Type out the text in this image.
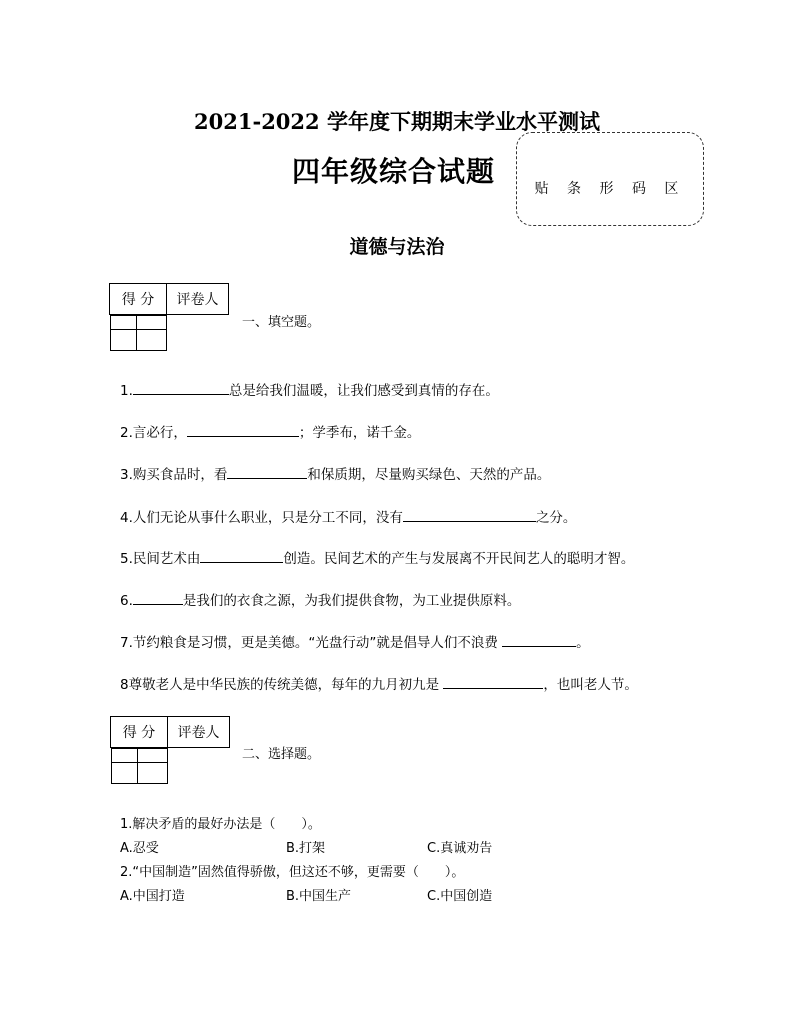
2021-2022 学年度下期期末学业水平测试
四年级综合试题
贴 条 形 码 区
道德与法治
得 分	评卷人

一、填空题。
1.	总是给我们温暖，让我们感受到真情的存在。
2.言必行，	；学季布，诺千金。
3.购买食品时，看	和保质期，尽量购买绿色、天然的产品。
4.人们无论从事什么职业，只是分工不同，没有	之分。
5.民间艺术由	创造。民间艺术的产生与发展离不开民间艺人的聪明才智。
6.	是我们的衣食之源，为我们提供食物，为工业提供原料。
7.节约粮食是习惯，更是美德。“光盘行动”就是倡导人们不浪费	。
8尊敬老人是中华民族的传统美德，每年的九月初九是	，也叫老人节。
得 分	评卷人

二、选择题。
1.解决矛盾的最好办法是（　　）。
A.忍受	B.打架	C.真诚劝告
2.“中国制造”固然值得骄傲，但这还不够，更需要（　　）。
A.中国打造	B.中国生产	C.中国创造
